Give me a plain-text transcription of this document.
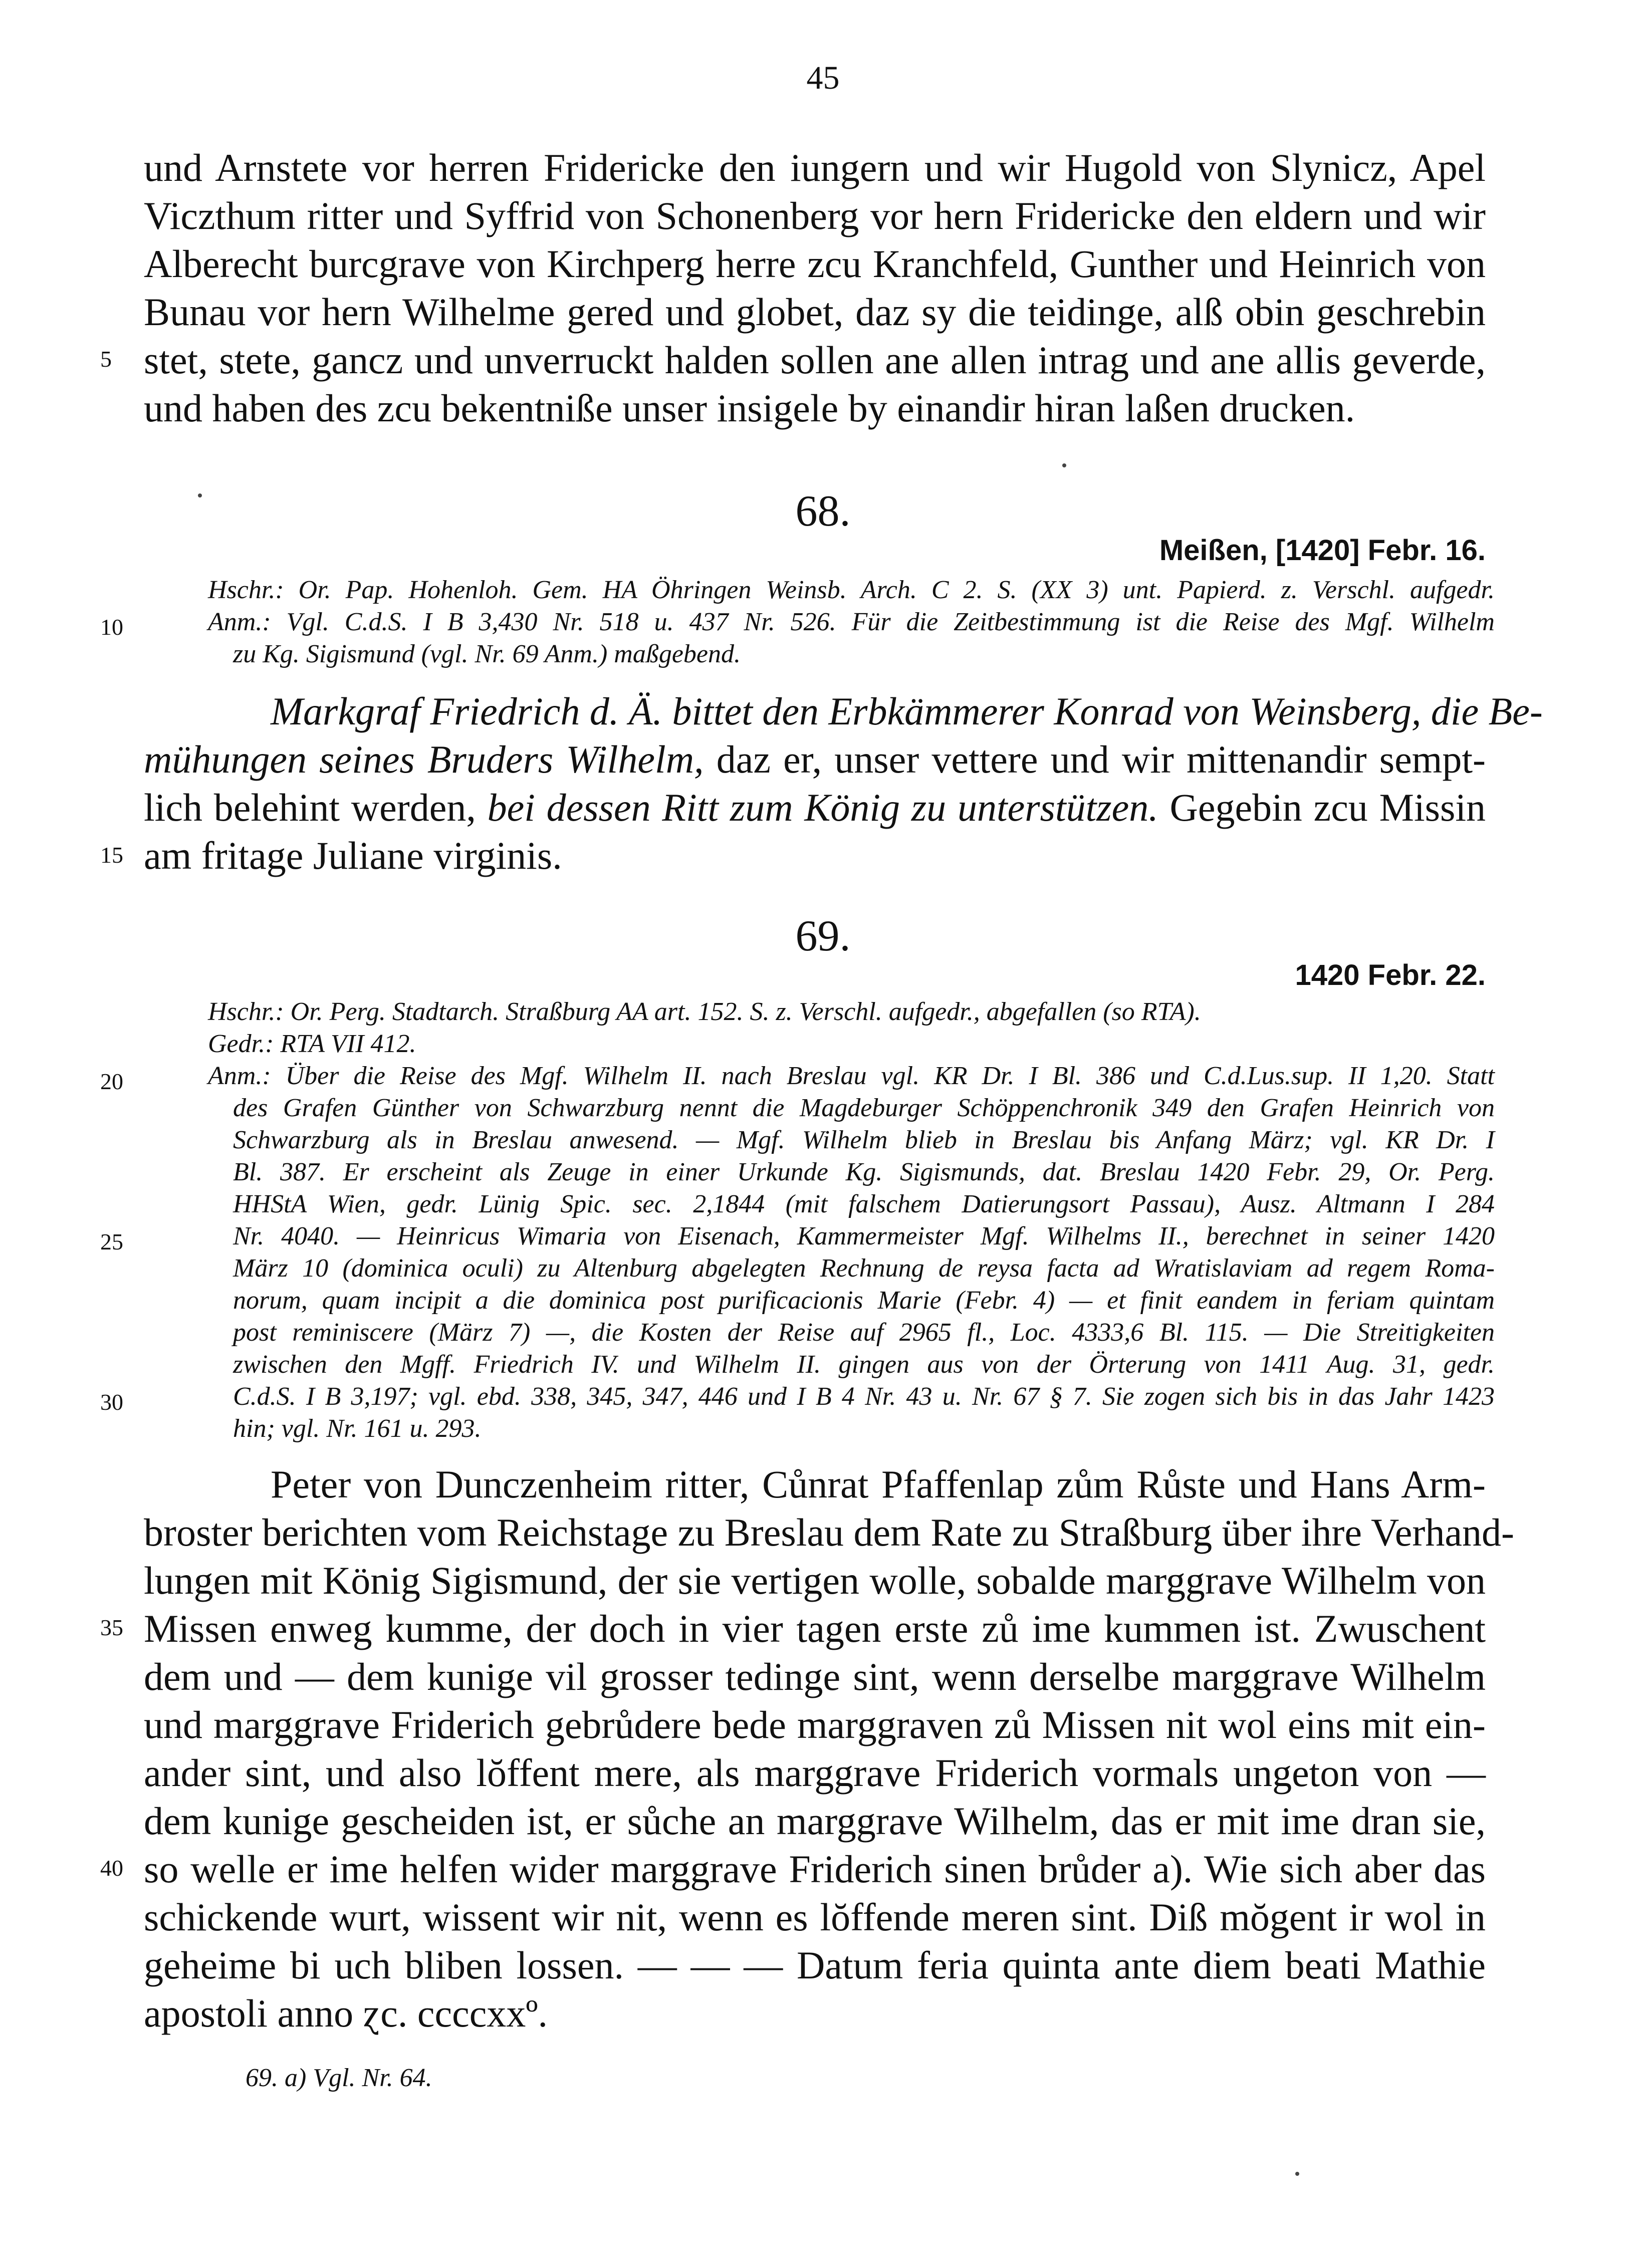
45
und Arnstete vor herren Fridericke den iungern und wir Hugold von Slynicz, Apel
Viczthum ritter und Syffrid von Schonenberg vor hern Fridericke den eldern und wir
Alberecht burcgrave von Kirchperg herre zcu Kranchfeld, Gunther und Heinrich von
Bunau vor hern Wilhelme gered und globet, daz sy die teidinge, alß obin geschrebin
5 stet, stete, gancz und unverruckt halden sollen ane allen intrag und ane allis geverde,
und haben des zcu bekentniße unser insigele by einandir hiran laßen drucken.
68.
Meißen, [1420] Febr. 16.
Hschr.: Or. Pap. Hohenloh. Gem. HA Öhringen Weinsb. Arch. C 2. S. (XX 3) unt. Papierd. z. Verschl. aufgedr.
10	Anm.: Vgl. C.d.S. I B 3,430 Nr. 518 u. 437 Nr. 526. Für die Zeitbestimmung ist die Reise des Mgf. Wilhelm
zu Kg. Sigismund (vgl. Nr. 69 Anm.) maßgebend.
Markgraf Friedrich d. Ä. bittet den Erbkämmerer Konrad von Weinsberg, die Be-
mühungen seines Bruders Wilhelm, daz er, unser vettere und wir mittenandir sempt-
lich belehint werden, bei dessen Ritt zum König zu unterstützen. Gegebin zcu Missin
15 am fritage Juliane virginis.
69.
1420 Febr. 22.
Hschr.: Or. Perg. Stadtarch. Straßburg AA art. 152. S. z. Verschl. aufgedr., abgefallen (so RTA).
Gedr.: RTA VII 412.
20	Anm.: Über die Reise des Mgf. Wilhelm II. nach Breslau vgl. KR Dr. I Bl. 386 und C.d.Lus.sup. II 1,20. Statt
des Grafen Günther von Schwarzburg nennt die Magdeburger Schöppenchronik 349 den Grafen Heinrich von
Schwarzburg als in Breslau anwesend. — Mgf. Wilhelm blieb in Breslau bis Anfang März; vgl. KR Dr. I
Bl. 387. Er erscheint als Zeuge in einer Urkunde Kg. Sigismunds, dat. Breslau 1420 Febr. 29, Or. Perg.
HHStA Wien, gedr. Lünig Spic. sec. 2,1844 (mit falschem Datierungsort Passau), Ausz. Altmann I 284
25	Nr. 4040. — Heinricus Wimaria von Eisenach, Kammermeister Mgf. Wilhelms II., berechnet in seiner 1420
März 10 (dominica oculi) zu Altenburg abgelegten Rechnung de reysa facta ad Wratislaviam ad regem Roma-
norum, quam incipit a die dominica post purificacionis Marie (Febr. 4) — et finit eandem in feriam quintam
post reminiscere (März 7) —, die Kosten der Reise auf 2965 fl., Loc. 4333,6 Bl. 115. — Die Streitigkeiten
zwischen den Mgff. Friedrich IV. und Wilhelm II. gingen aus von der Örterung von 1411 Aug. 31, gedr.
30	C.d.S. I B 3,197; vgl. ebd. 338, 345, 347, 446 und I B 4 Nr. 43 u. Nr. 67 § 7. Sie zogen sich bis in das Jahr 1423
hin; vgl. Nr. 161 u. 293.
Peter von Dunczenheim ritter, Cůnrat Pfaffenlap zům Růste und Hans Arm-
broster berichten vom Reichstage zu Breslau dem Rate zu Straßburg über ihre Verhand-
lungen mit König Sigismund, der sie vertigen wolle, sobalde marggrave Wilhelm von
35 Missen enweg kumme, der doch in vier tagen erste zů ime kummen ist. Zwuschent
dem und — dem kunige vil grosser tedinge sint, wenn derselbe marggrave Wilhelm
und marggrave Friderich gebrůdere bede marggraven zů Missen nit wol eins mit ein-
ander sint, und also lŏffent mere, als marggrave Friderich vormals ungeton von —
dem kunige gescheiden ist, er sůche an marggrave Wilhelm, das er mit ime dran sie,
40 so welle er ime helfen wider marggrave Friderich sinen brůder a). Wie sich aber das
schickende wurt, wissent wir nit, wenn es lŏffende meren sint. Diß mŏgent ir wol in
geheime bi uch bliben lossen. — — — Datum feria quinta ante diem beati Mathie
apostoli anno ɀc. ccccxxº.
69. a) Vgl. Nr. 64.
